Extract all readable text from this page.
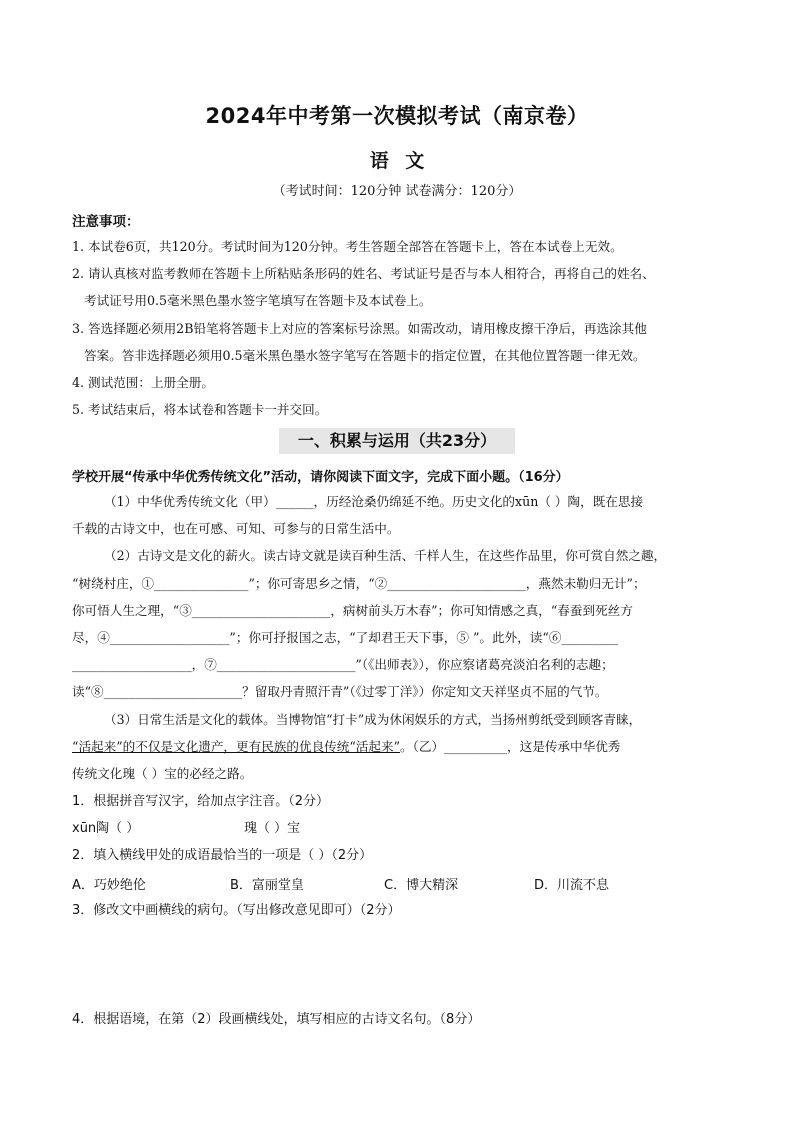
2024年中考第一次模拟考试（南京卷）
语 文
（考试时间：120分钟 试卷满分：120分）
注意事项：
1. 本试卷6页，共120分。考试时间为120分钟。考生答题全部答在答题卡上，答在本试卷上无效。
2. 请认真核对监考教师在答题卡上所粘贴条形码的姓名、考试证号是否与本人相符合，再将自己的姓名、
考试证号用0.5毫米黑色墨水签字笔填写在答题卡及本试卷上。
3. 答选择题必须用2B铅笔将答题卡上对应的答案标号涂黑。如需改动，请用橡皮擦干净后，再选涂其他
答案。答非选择题必须用0.5毫米黑色墨水签字笔写在答题卡的指定位置，在其他位置答题一律无效。
4. 测试范围：上册全册。
5. 考试结束后，将本试卷和答题卡一并交回。
一、积累与运用（共23分）
学校开展“传承中华优秀传统文化”活动，请你阅读下面文字，完成下面小题。（16分）
（1）中华优秀传统文化（甲）______，历经沧桑仍绵延不绝。历史文化的xūn（ ）陶，既在思接
千载的古诗文中，也在可感、可知、可参与的日常生活中。
（2）古诗文是文化的薪火。读古诗文就是读百种生活、千样人生，在这些作品里，你可赏自然之趣，
“树绕村庄，①_______________”；你可寄思乡之情，“②______________________，燕然未勒归无计”；
你可悟人生之理，“③______________________，病树前头万木春”；你可知情感之真，“春蚕到死丝方
尽，④___________________”；你可抒报国之志，“了却君王天下事，⑤ ”。此外，读“⑥_________
___________________，⑦______________________”（《出师表》），你应察诸葛亮淡泊名利的志趣；
读“⑧______________________？留取丹青照汗青”（《过零丁洋》）你定知文天祥坚贞不屈的气节。
（3）日常生活是文化的载体。当博物馆“打卡”成为休闲娱乐的方式，当扬州剪纸受到顾客青睐，
“活起来”的不仅是文化遗产，更有民族的优良传统“活起来”。（乙）__________，这是传承中华优秀
传统文化瑰（ ）宝的必经之路。
1．根据拼音写汉字，给加点字注音。（2分）
xūn陶（ ）	瑰（ ）宝
2．填入横线甲处的成语最恰当的一项是（ ）（2分）
A．巧妙绝伦	B．富丽堂皇	C．博大精深	D．川流不息
3．修改文中画横线的病句。（写出修改意见即可）（2分）
4．根据语境，在第（2）段画横线处，填写相应的古诗文名句。（8分）
